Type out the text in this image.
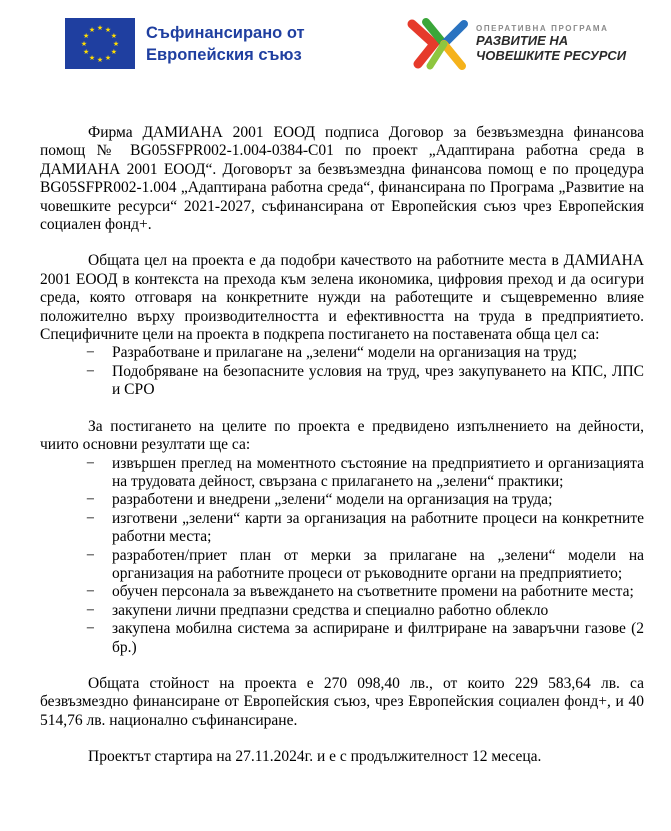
★ ★
★
★
★
★
★
★
★
★
★
★	Съфинансирано от
Европейския съюз
ОПЕРАТИВНА ПРОГРАМА
РАЗВИТИЕ НА
ЧОВЕШКИТЕ РЕСУРСИ

Фирма ДАМИАНА 2001 ЕООД подписа Договор за безвъзмездна финансова помощ № BG05SFPR002-1.004-0384-C01 по проект „Адаптирана работна среда в ДАМИАНА 2001 ЕООД“. Договорът за безвъзмездна финансова помощ е по процедура BG05SFPR002-1.004 „Адаптирана работна среда“, финансирана по Програма „Развитие на човешките ресурси“ 2021-2027, съфинансирана от Европейския съюз чрез Европейския социален фонд+.

Общата цел на проекта е да подобри качеството на работните места в ДАМИАНА 2001 ЕООД в контекста на прехода към зелена икономика, цифровия преход и да осигури среда, която отговаря на конкретните нужди на работещите и същевременно влияе положително върху производителността и ефективността на труда в предприятието. Специфичните цели на проекта в подкрепа постигането на поставената обща цел са:

− Разработване и прилагане на „зелени“ модели на организация на труд;
− Подобряване на безопасните условия на труд, чрез закупуването на КПС, ЛПС и СРО

За постигането на целите по проекта е предвидено изпълнението на дейности, чиито основни резултати ще са:

− извършен преглед на моментното състояние на предприятието и организацията на трудовата дейност, свързана с прилагането на „зелени“ практики;
− разработени и внедрени „зелени“ модели на организация на труда;
− изготвени „зелени“ карти за организация на работните процеси на конкретните работни места;
− разработен/приет план от мерки за прилагане на „зелени“ модели на организация на работните процеси от ръководните органи на предприятието;
− обучен персонала за въвеждането на съответните промени на работните места;
− закупени лични предпазни средства и специално работно облекло
− закупена мобилна система за аспириране и филтриране на заваръчни газове (2 бр.)

Общата стойност на проекта е 270 098,40 лв., от които 229 583,64 лв. са безвъзмездно финансиране от Европейския съюз, чрез Европейския социален фонд+, и 40 514,76 лв. национално съфинансиране.

Проектът стартира на 27.11.2024г. и е с продължителност 12 месеца.
